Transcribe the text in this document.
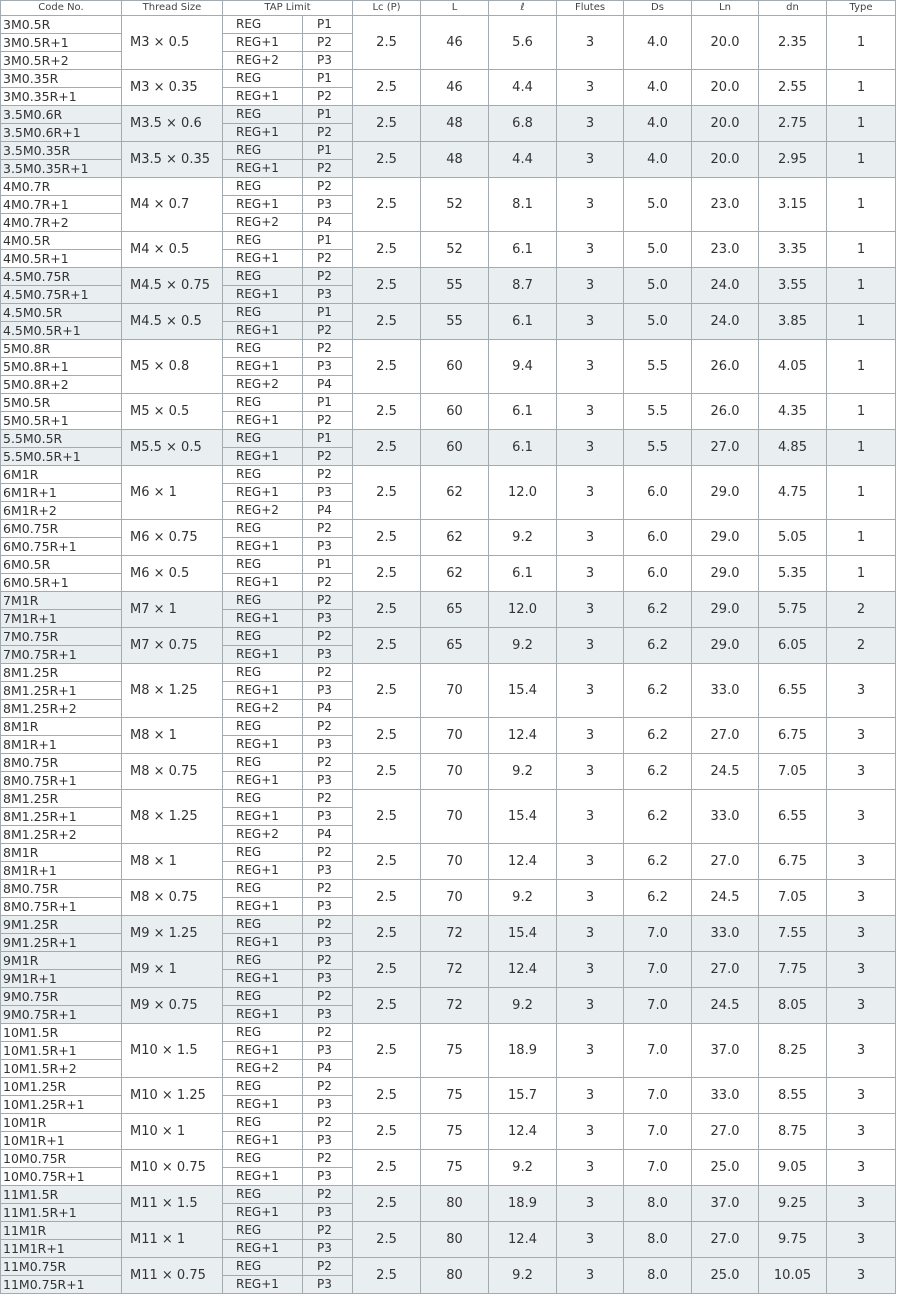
Code No.	Thread Size	TAP Limit		Lc (P)	L	ℓ	Flutes	Ds	Ln	dn	Type
3M0.5R	M3 × 0.5	REG	P1	2.5	46	5.6	3	4.0	20.0	2.35	1
3M0.5R+1		REG+1	P2								
3M0.5R+2		REG+2	P3								
3M0.35R	M3 × 0.35	REG	P1	2.5	46	4.4	3	4.0	20.0	2.55	1
3M0.35R+1		REG+1	P2								
3.5M0.6R	M3.5 × 0.6	REG	P1	2.5	48	6.8	3	4.0	20.0	2.75	1
3.5M0.6R+1		REG+1	P2								
3.5M0.35R	M3.5 × 0.35	REG	P1	2.5	48	4.4	3	4.0	20.0	2.95	1
3.5M0.35R+1		REG+1	P2								
4M0.7R	M4 × 0.7	REG	P2	2.5	52	8.1	3	5.0	23.0	3.15	1
4M0.7R+1		REG+1	P3								
4M0.7R+2		REG+2	P4								
4M0.5R	M4 × 0.5	REG	P1	2.5	52	6.1	3	5.0	23.0	3.35	1
4M0.5R+1		REG+1	P2								
4.5M0.75R	M4.5 × 0.75	REG	P2	2.5	55	8.7	3	5.0	24.0	3.55	1
4.5M0.75R+1		REG+1	P3								
4.5M0.5R	M4.5 × 0.5	REG	P1	2.5	55	6.1	3	5.0	24.0	3.85	1
4.5M0.5R+1		REG+1	P2								
5M0.8R	M5 × 0.8	REG	P2	2.5	60	9.4	3	5.5	26.0	4.05	1
5M0.8R+1		REG+1	P3								
5M0.8R+2		REG+2	P4								
5M0.5R	M5 × 0.5	REG	P1	2.5	60	6.1	3	5.5	26.0	4.35	1
5M0.5R+1		REG+1	P2								
5.5M0.5R	M5.5 × 0.5	REG	P1	2.5	60	6.1	3	5.5	27.0	4.85	1
5.5M0.5R+1		REG+1	P2								
6M1R	M6 × 1	REG	P2	2.5	62	12.0	3	6.0	29.0	4.75	1
6M1R+1		REG+1	P3								
6M1R+2		REG+2	P4								
6M0.75R	M6 × 0.75	REG	P2	2.5	62	9.2	3	6.0	29.0	5.05	1
6M0.75R+1		REG+1	P3								
6M0.5R	M6 × 0.5	REG	P1	2.5	62	6.1	3	6.0	29.0	5.35	1
6M0.5R+1		REG+1	P2								
7M1R	M7 × 1	REG	P2	2.5	65	12.0	3	6.2	29.0	5.75	2
7M1R+1		REG+1	P3								
7M0.75R	M7 × 0.75	REG	P2	2.5	65	9.2	3	6.2	29.0	6.05	2
7M0.75R+1		REG+1	P3								
8M1.25R	M8 × 1.25	REG	P2	2.5	70	15.4	3	6.2	33.0	6.55	3
8M1.25R+1		REG+1	P3								
8M1.25R+2		REG+2	P4								
8M1R	M8 × 1	REG	P2	2.5	70	12.4	3	6.2	27.0	6.75	3
8M1R+1		REG+1	P3								
8M0.75R	M8 × 0.75	REG	P2	2.5	70	9.2	3	6.2	24.5	7.05	3
8M0.75R+1		REG+1	P3								
8M1.25R	M8 × 1.25	REG	P2	2.5	70	15.4	3	6.2	33.0	6.55	3
8M1.25R+1		REG+1	P3								
8M1.25R+2		REG+2	P4								
8M1R	M8 × 1	REG	P2	2.5	70	12.4	3	6.2	27.0	6.75	3
8M1R+1		REG+1	P3								
8M0.75R	M8 × 0.75	REG	P2	2.5	70	9.2	3	6.2	24.5	7.05	3
8M0.75R+1		REG+1	P3								
9M1.25R	M9 × 1.25	REG	P2	2.5	72	15.4	3	7.0	33.0	7.55	3
9M1.25R+1		REG+1	P3								
9M1R	M9 × 1	REG	P2	2.5	72	12.4	3	7.0	27.0	7.75	3
9M1R+1		REG+1	P3								
9M0.75R	M9 × 0.75	REG	P2	2.5	72	9.2	3	7.0	24.5	8.05	3
9M0.75R+1		REG+1	P3								
10M1.5R	M10 × 1.5	REG	P2	2.5	75	18.9	3	7.0	37.0	8.25	3
10M1.5R+1		REG+1	P3								
10M1.5R+2		REG+2	P4								
10M1.25R	M10 × 1.25	REG	P2	2.5	75	15.7	3	7.0	33.0	8.55	3
10M1.25R+1		REG+1	P3								
10M1R	M10 × 1	REG	P2	2.5	75	12.4	3	7.0	27.0	8.75	3
10M1R+1		REG+1	P3								
10M0.75R	M10 × 0.75	REG	P2	2.5	75	9.2	3	7.0	25.0	9.05	3
10M0.75R+1		REG+1	P3								
11M1.5R	M11 × 1.5	REG	P2	2.5	80	18.9	3	8.0	37.0	9.25	3
11M1.5R+1		REG+1	P3								
11M1R	M11 × 1	REG	P2	2.5	80	12.4	3	8.0	27.0	9.75	3
11M1R+1		REG+1	P3								
11M0.75R	M11 × 0.75	REG	P2	2.5	80	9.2	3	8.0	25.0	10.05	3
11M0.75R+1		REG+1	P3								
